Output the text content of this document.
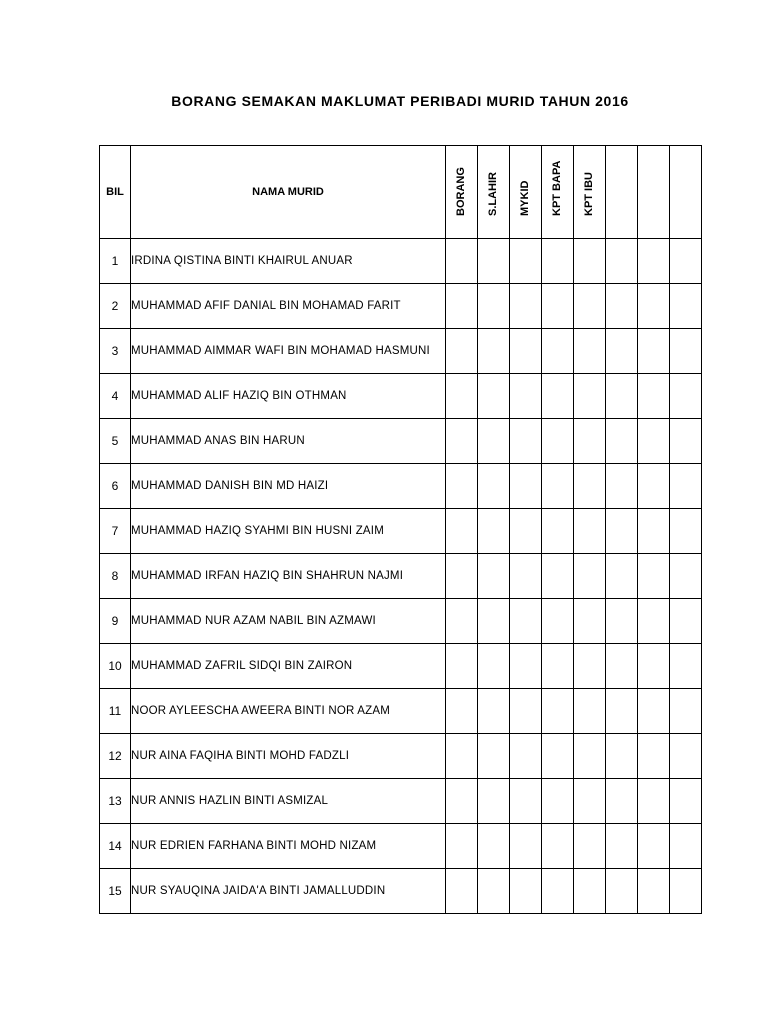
BORANG SEMAKAN MAKLUMAT PERIBADI MURID TAHUN 2016
BIL	NAMA MURID	BORANG	S.LAHIR	MYKID	KPT BAPA	KPT IBU			

1	IRDINA QISTINA BINTI KHAIRUL ANUAR								
2	MUHAMMAD AFIF DANIAL BIN MOHAMAD FARIT								
3	MUHAMMAD AIMMAR WAFI BIN MOHAMAD HASMUNI								
4	MUHAMMAD ALIF HAZIQ BIN OTHMAN								
5	MUHAMMAD ANAS BIN HARUN								
6	MUHAMMAD DANISH BIN MD HAIZI								
7	MUHAMMAD HAZIQ SYAHMI BIN HUSNI ZAIM								
8	MUHAMMAD IRFAN HAZIQ BIN SHAHRUN NAJMI								
9	MUHAMMAD NUR AZAM NABIL BIN AZMAWI								
10	MUHAMMAD ZAFRIL SIDQI BIN ZAIRON								
11	NOOR AYLEESCHA AWEERA BINTI NOR AZAM								
12	NUR AINA FAQIHA BINTI MOHD FADZLI								
13	NUR ANNIS HAZLIN BINTI ASMIZAL								
14	NUR EDRIEN FARHANA BINTI MOHD NIZAM								
15	NUR SYAUQINA JAIDA'A BINTI JAMALLUDDIN								
